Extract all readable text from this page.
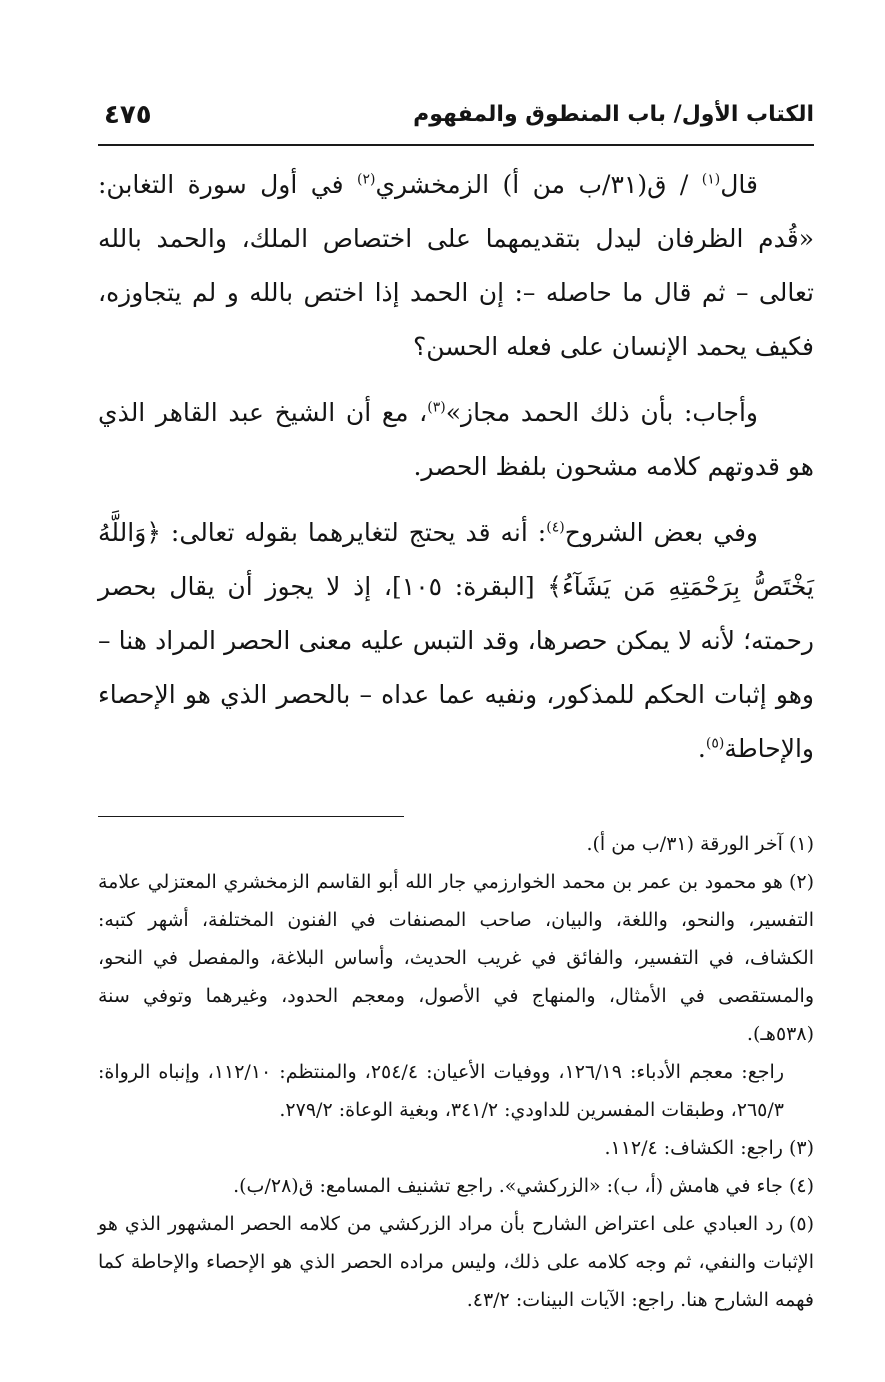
الكتاب الأول/ باب المنطوق والمفهوم
٤٧٥

قال$^{(١)}$ / ق(٣١/ب من أ) الزمخشري$^{(٢)}$ في أول سورة التغابن: «قُدم الظرفان ليدل بتقديمهما على اختصاص الملك، والحمد بالله تعالى – ثم قال ما حاصله –: إن الحمد إذا اختص بالله و لم يتجاوزه، فكيف يحمد الإنسان على فعله الحسن؟

وأجاب: بأن ذلك الحمد مجاز»$^{(٣)}$، مع أن الشيخ عبد القاهر الذي هو قدوتهم كلامه مشحون بلفظ الحصر.

وفي بعض الشروح$^{(٤)}$: أنه قد يحتج لتغايرهما بقوله تعالى: ﴿وَاللَّهُ يَخْتَصُّ بِرَحْمَتِهِ مَن يَشَآءُ﴾ [البقرة: ١٠٥]، إذ لا يجوز أن يقال بحصر رحمته؛ لأنه لا يمكن حصرها، وقد التبس عليه معنى الحصر المراد هنا – وهو إثبات الحكم للمذكور، ونفيه عما عداه – بالحصر الذي هو الإحصاء والإحاطة$^{(٥)}$.

(١)آخر الورقة (٣١/ب من أ).

(٢)هو محمود بن عمر بن محمد الخوارزمي جار الله أبو القاسم الزمخشري المعتزلي علامة التفسير، والنحو، واللغة، والبيان، صاحب المصنفات في الفنون المختلفة، أشهر كتبه: الكشاف، في التفسير، والفائق في غريب الحديث، وأساس البلاغة، والمفصل في النحو، والمستقصى في الأمثال، والمنهاج في الأصول، ومعجم الحدود، وغيرهما وتوفي سنة (٥٣٨هـ).

راجع: معجم الأدباء: ١٢٦/١٩، ووفيات الأعيان: ٢٥٤/٤، والمنتظم: ١١٢/١٠، وإنباه الرواة: ٢٦٥/٣، وطبقات المفسرين للداودي: ٣٤١/٢، وبغية الوعاة: ٢٧٩/٢.

(٣)راجع: الكشاف: ١١٢/٤.

(٤)جاء في هامش (أ، ب): «الزركشي». راجع تشنيف المسامع: ق(٢٨/ب).

(٥)رد العبادي على اعتراض الشارح بأن مراد الزركشي من كلامه الحصر المشهور الذي هو الإثبات والنفي، ثم وجه كلامه على ذلك، وليس مراده الحصر الذي هو الإحصاء والإحاطة كما فهمه الشارح هنا. راجع: الآيات البينات: ٤٣/٢.
